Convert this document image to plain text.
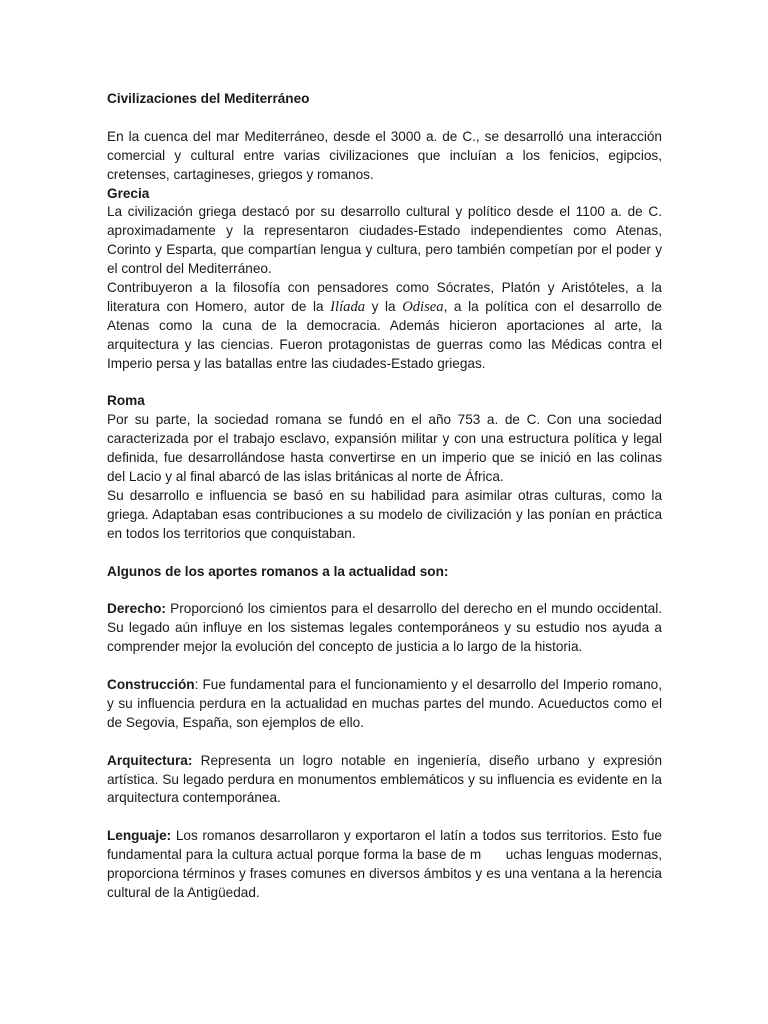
Civilizaciones del Mediterráneo

En la cuenca del mar Mediterráneo, desde el 3000 a. de C., se desarrolló una interacción comercial y cultural entre varias civilizaciones que incluían a los fenicios, egipcios, cretenses, cartagineses, griegos y romanos.

Grecia

La civilización griega destacó por su desarrollo cultural y político desde el 1100 a. de C. aproximadamente y la representaron ciudades-Estado independientes como Atenas, Corinto y Esparta, que compartían lengua y cultura, pero también competían por el poder y el control del Mediterráneo.

Contribuyeron a la filosofía con pensadores como Sócrates, Platón y Aristóteles, a la literatura con Homero, autor de la Ilíada y la Odisea, a la política con el desarrollo de Atenas como la cuna de la democracia. Además hicieron aportaciones al arte, la arquitectura y las ciencias. Fueron protagonistas de guerras como las Médicas contra el Imperio persa y las batallas entre las ciudades-Estado griegas.

Roma

Por su parte, la sociedad romana se fundó en el año 753 a. de C. Con una sociedad caracterizada por el trabajo esclavo, expansión militar y con una estructura política y legal definida, fue desarrollándose hasta convertirse en un imperio que se inició en las colinas del Lacio y al final abarcó de las islas británicas al norte de África.

Su desarrollo e influencia se basó en su habilidad para asimilar otras culturas, como la griega. Adaptaban esas contribuciones a su modelo de civilización y las ponían en práctica en todos los territorios que conquistaban.

Algunos de los aportes romanos a la actualidad son:

Derecho: Proporcionó los cimientos para el desarrollo del derecho en el mundo occidental. Su legado aún influye en los sistemas legales contemporáneos y su estudio nos ayuda a comprender mejor la evolución del concepto de justicia a lo largo de la historia.

Construcción: Fue fundamental para el funcionamiento y el desarrollo del Imperio romano, y su influencia perdura en la actualidad en muchas partes del mundo. Acueductos como el de Segovia, España, son ejemplos de ello.

Arquitectura: Representa un logro notable en ingeniería, diseño urbano y expresión artística. Su legado perdura en monumentos emblemáticos y su influencia es evidente en la arquitectura contemporánea.

Lenguaje: Los romanos desarrollaron y exportaron el latín a todos sus territorios. Esto fue fundamental para la cultura actual porque forma la base de m      uchas lenguas modernas, proporciona términos y frases comunes en diversos ámbitos y es una ventana a la herencia cultural de la Antigüedad.
